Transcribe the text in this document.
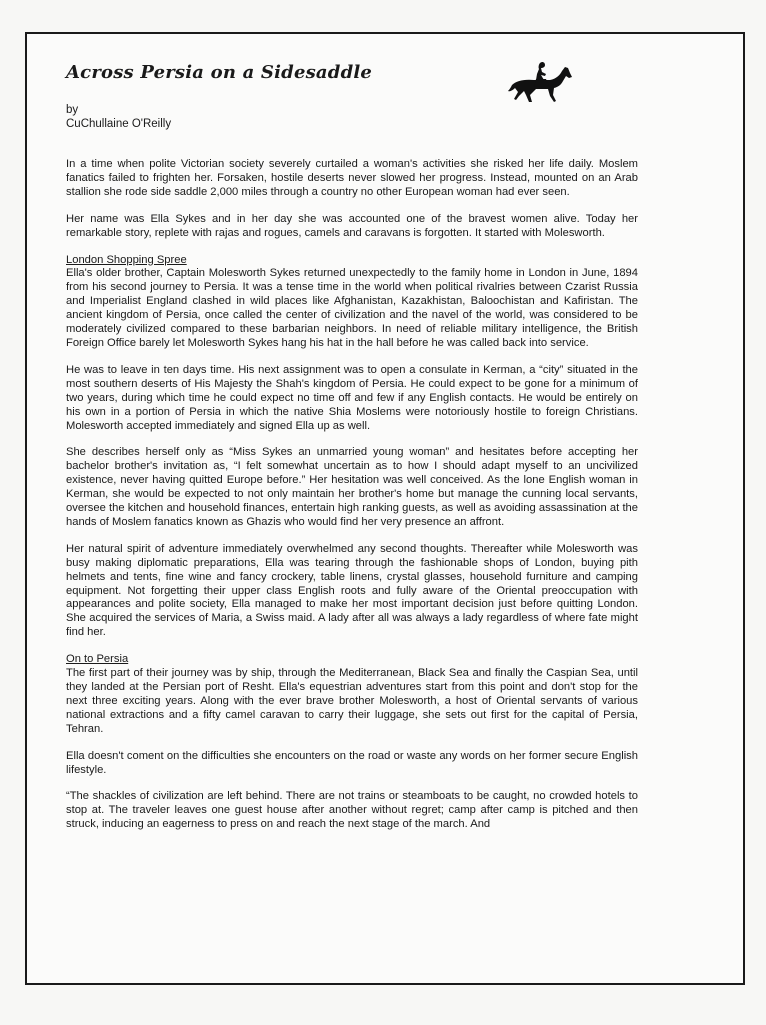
Across Persia on a Sidesaddle
by
CuChullaine O'Reilly

In a time when polite Victorian society severely curtailed a woman's activities she risked her life daily. Moslem fanatics failed to frighten her. Forsaken, hostile deserts never slowed her progress. Instead, mounted on an Arab stallion she rode side saddle 2,000 miles through a country no other European woman had ever seen.

Her name was Ella Sykes and in her day she was accounted one of the bravest women alive. Today her remarkable story, replete with rajas and rogues, camels and caravans is forgotten. It started with Molesworth.

London Shopping Spree
Ella's older brother, Captain Molesworth Sykes returned unexpectedly to the family home in London in June, 1894 from his second journey to Persia. It was a tense time in the world when political rivalries between Czarist Russia and Imperialist England clashed in wild places like Afghanistan, Kazakhistan, Baloochistan and Kafiristan. The ancient kingdom of Persia, once called the center of civilization and the navel of the world, was considered to be moderately civilized compared to these barbarian neighbors. In need of reliable military intelligence, the British Foreign Office barely let Molesworth Sykes hang his hat in the hall before he was called back into service.

He was to leave in ten days time. His next assignment was to open a consulate in Kerman, a “city” situated in the most southern deserts of His Majesty the Shah's kingdom of Persia. He could expect to be gone for a minimum of two years, during which time he could expect no time off and few if any English contacts. He would be entirely on his own in a portion of Persia in which the native Shia Moslems were notoriously hostile to foreign Christians. Molesworth accepted immediately and signed Ella up as well.

She describes herself only as “Miss Sykes an unmarried young woman” and hesitates before accepting her bachelor brother's invitation as, “I felt somewhat uncertain as to how I should adapt myself to an uncivilized existence, never having quitted Europe before.” Her hesitation was well conceived. As the lone English woman in Kerman, she would be expected to not only maintain her brother's home but manage the cunning local servants, oversee the kitchen and household finances, entertain high ranking guests, as well as avoiding assassination at the hands of Moslem fanatics known as Ghazis who would find her very presence an affront.

Her natural spirit of adventure immediately overwhelmed any second thoughts. Thereafter while Molesworth was busy making diplomatic preparations, Ella was tearing through the fashionable shops of London, buying pith helmets and tents, fine wine and fancy crockery, table linens, crystal glasses, household furniture and camping equipment. Not forgetting their upper class English roots and fully aware of the Oriental preoccupation with appearances and polite society, Ella managed to make her most important decision just before quitting London. She acquired the services of Maria, a Swiss maid. A lady after all was always a lady regardless of where fate might find her.

On to Persia
The first part of their journey was by ship, through the Mediterranean, Black Sea and finally the Caspian Sea, until they landed at the Persian port of Resht. Ella's equestrian adventures start from this point and don't stop for the next three exciting years. Along with the ever brave brother Molesworth, a host of Oriental servants of various national extractions and a fifty camel caravan to carry their luggage, she sets out first for the capital of Persia, Tehran.

Ella doesn't coment on the difficulties she encounters on the road or waste any words on her former secure English lifestyle.

“The shackles of civilization are left behind. There are not trains or steamboats to be caught, no crowded hotels to stop at. The traveler leaves one guest house after another without regret; camp after camp is pitched and then struck, inducing an eagerness to press on and reach the next stage of the march. And
